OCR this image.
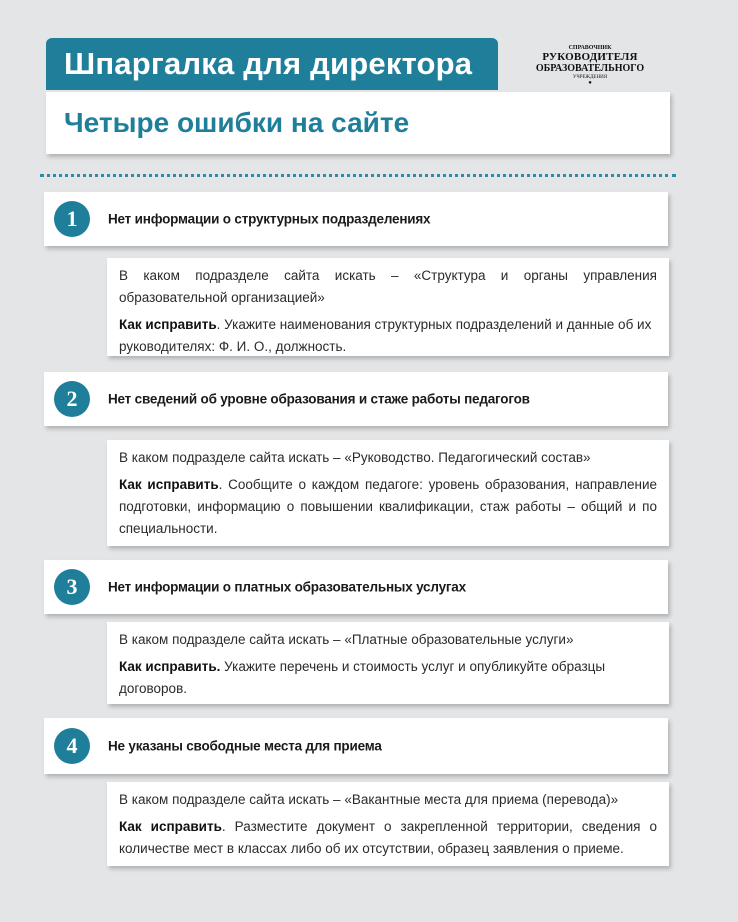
Шпаргалка для директора	СПРАВОЧНИК
РУКОВОДИТЕЛЯ
ОБРАЗОВАТЕЛЬНОГО
УЧРЕЖДЕНИЯ
●
Четыре ошибки на сайте
1	Нет информации о структурных подразделениях

В каком подразделе сайта искать – «Структура и органы управления образовательной организацией»

Как исправить. Укажите наименования структурных подразделений и данные об их руководителях: Ф. И. О., должность.

2	Нет сведений об уровне образования и стаже работы педагогов

В каком подразделе сайта искать – «Руководство. Педагогический состав»

Как исправить. Сообщите о каждом педагоге: уровень образования, направление подготовки, информацию о повышении квалификации, стаж работы – общий и по специальности.

3	Нет информации о платных образовательных услугах

В каком подразделе сайта искать – «Платные образовательные услуги»

Как исправить. Укажите перечень и стоимость услуг и опубликуйте образцы договоров.

4	Не указаны свободные места для приема

В каком подразделе сайта искать – «Вакантные места для приема (перевода)»

Как исправить. Разместите документ о закрепленной территории, сведения о количестве мест в классах либо об их отсутствии, образец заявления о приеме.
